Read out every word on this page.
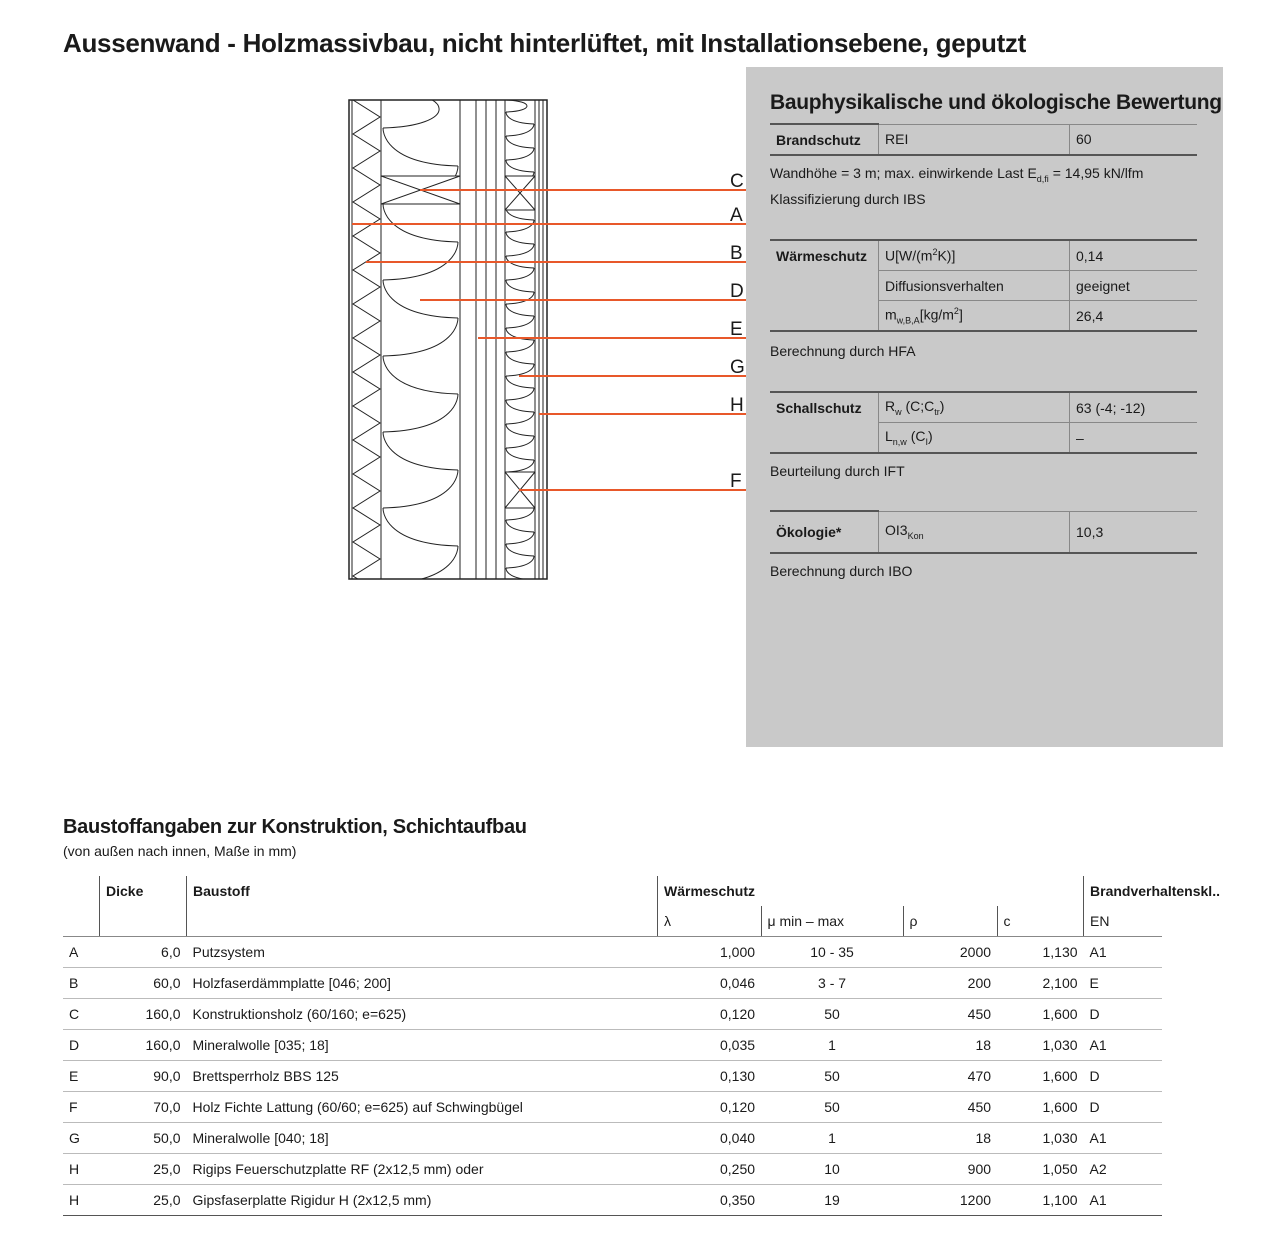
Aussenwand - Holzmassivbau, nicht hinterlüftet, mit Installationsebene, geputzt
C
A
B
D
E
G
H
F
Bauphysikalische und ökologische Bewertung
Brandschutz	REI	60
Wandhöhe = 3 m; max. einwirkende Last $E_{d,fi} = 14,95$ kN/lfm
Klassifizierung durch IBS
Wärmeschutz	$U[W/(m^2K)]$	0,14
	Diffusionsverhalten	geeignet
	$m_{w,B,A}[kg/m^2]$	26,4
Berechnung durch HFA
Schallschutz	$R_w$ $(C;C_{tr})$	63 (-4; -12)
	$L_{n,w}$ $(C_I)$	–
Beurteilung durch IFT
Ökologie*	$OI3_{Kon}$	10,3
Berechnung durch IBO
Baustoffangaben zur Konstruktion, Schichtaufbau
(von außen nach innen, Maße in mm)
	Dicke	Baustoff	Wärmeschutz				Brandverhaltenskl..

			λ	μ min – max	ρ	c	EN
A	6,0	Putzsystem	1,000	10 - 35	2000	1,130	A1
B	60,0	Holzfaserdämmplatte [046; 200]	0,046	3 - 7	200	2,100	E
C	160,0	Konstruktionsholz (60/160; e=625)	0,120	50	450	1,600	D
D	160,0	Mineralwolle [035; 18]	0,035	1	18	1,030	A1
E	90,0	Brettsperrholz BBS 125	0,130	50	470	1,600	D
F	70,0	Holz Fichte Lattung (60/60; e=625) auf Schwingbügel	0,120	50	450	1,600	D
G	50,0	Mineralwolle [040; 18]	0,040	1	18	1,030	A1
H	25,0	Rigips Feuerschutzplatte RF (2x12,5 mm) oder	0,250	10	900	1,050	A2
H	25,0	Gipsfaserplatte Rigidur H (2x12,5 mm)	0,350	19	1200	1,100	A1
